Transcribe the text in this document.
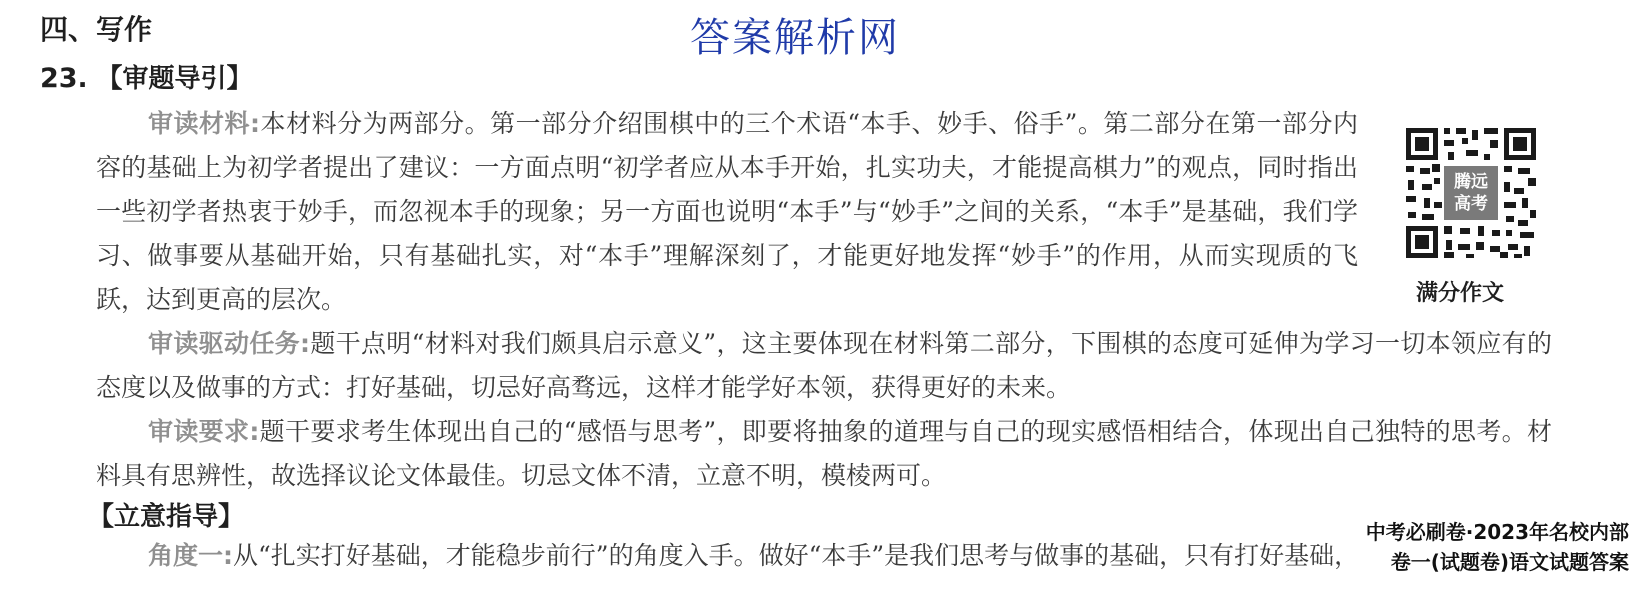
四、写作	答案解析网
23. 【审题导引】
审读材料:本材料分为两部分。第一部分介绍围棋中的三个术语“本手、妙手、俗手”。第二部分在第一部分内容的基础上为初学者提出了建议：一方面点明“初学者应从本手开始，扎实功夫，才能提高棋力”的观点，同时指出一些初学者热衷于妙手，而忽视本手的现象；另一方面也说明“本手”与“妙手”之间的关系，“本手”是基础，我们学习、做事要从基础开始，只有基础扎实，对“本手”理解深刻了，才能更好地发挥“妙手”的作用，从而实现质的飞跃，达到更高的层次。
腾远
高考
满分作文
审读驱动任务:题干点明“材料对我们颇具启示意义”，这主要体现在材料第二部分，下围棋的态度可延伸为学习一切本领应有的态度以及做事的方式：打好基础，切忌好高骛远，这样才能学好本领，获得更好的未来。
审读要求:题干要求考生体现出自己的“感悟与思考”，即要将抽象的道理与自己的现实感悟相结合，体现出自己独特的思考。材料具有思辨性，故选择议论文体最佳。切忌文体不清，立意不明，模棱两可。
【立意指导】
角度一:从“扎实打好基础，才能稳步前行”的角度入手。做好“本手”是我们思考与做事的基础，只有打好基础，
中考必刷卷·2023年名校内部
卷一(试题卷)语文试题答案
